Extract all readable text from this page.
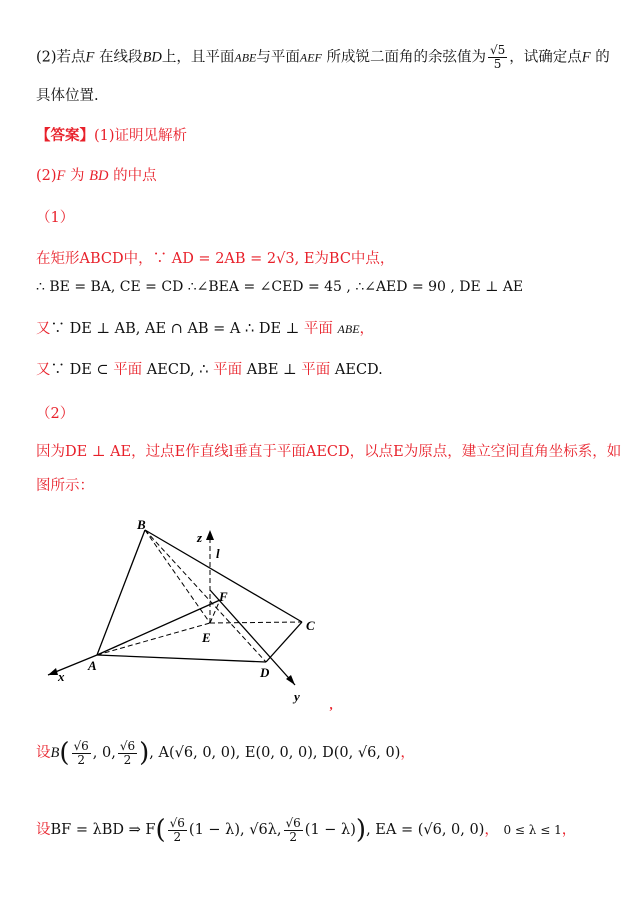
(2)若点F 在线段BD上，且平面ABE与平面AEF 所成锐二面角的余弦值为 $\frac{√5}{5}$ ，试确定点F 的
具体位置.
【答案】(1)证明见解析
(2)F 为 BD 的中点
（1）
在矩形ABCD中，∵ AD = 2AB = 2√3, E为BC中点，
∴ BE = BA, CE = CD ∴∠BEA = ∠CED = 45 , ∴∠AED = 90 , DE ⊥ AE
又∵ DE ⊥ AB, AE ∩ AB = A ∴ DE ⊥ 平面 ABE，
又∵ DE ⊂ 平面 AECD, ∴ 平面 ABE ⊥ 平面 AECD.
（2）
因为DE ⊥ AE，过点E作直线l垂直于平面AECD，以点E为原点，建立空间直角坐标系，如
图所示：
B
z
l
F
E
C
A	D
x
y
,
设$B( \frac{√6}{2}$ , 0, $\frac{√6}{2}$ ), A(√6, 0, 0), E(0, 0, 0), D(0, √6, 0)，
设BF = λBD ⇒ $F( \frac{√6}{2} (1 - \lambda)$, √6λ, $\frac{√6}{2} (1 - \lambda)$), EA = (√6, 0, 0)， 0 ≤ λ ≤ 1，
